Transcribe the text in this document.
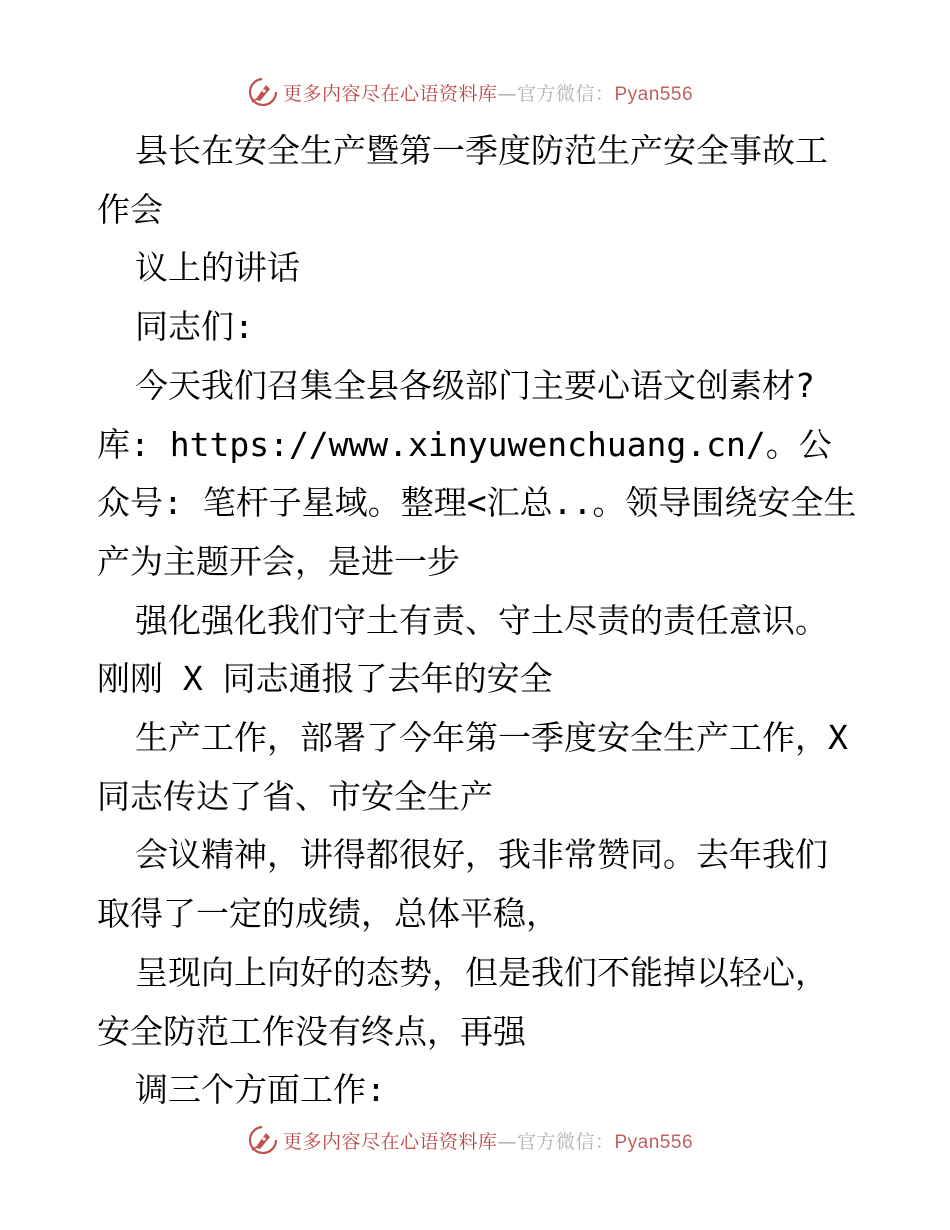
更多内容尽在心语资料库—官方微信：Pyan556

县长在安全生产暨第一季度防范生产安全事故工作会

议上的讲话

同志们:

今天我们召集全县各级部门主要心语文创素材?库: https://www.xinyuwenchuang.cn/。公众号: 笔杆子星域。整理<汇总..。领导围绕安全生产为主题开会，是进一步

强化强化我们守土有责、守土尽责的责任意识。刚刚 X 同志通报了去年的安全

生产工作，部署了今年第一季度安全生产工作，X 同志传达了省、市安全生产

会议精神，讲得都很好，我非常赞同。去年我们取得了一定的成绩，总体平稳，

呈现向上向好的态势，但是我们不能掉以轻心，安全防范工作没有终点，再强

调三个方面工作:

更多内容尽在心语资料库—官方微信：Pyan556
